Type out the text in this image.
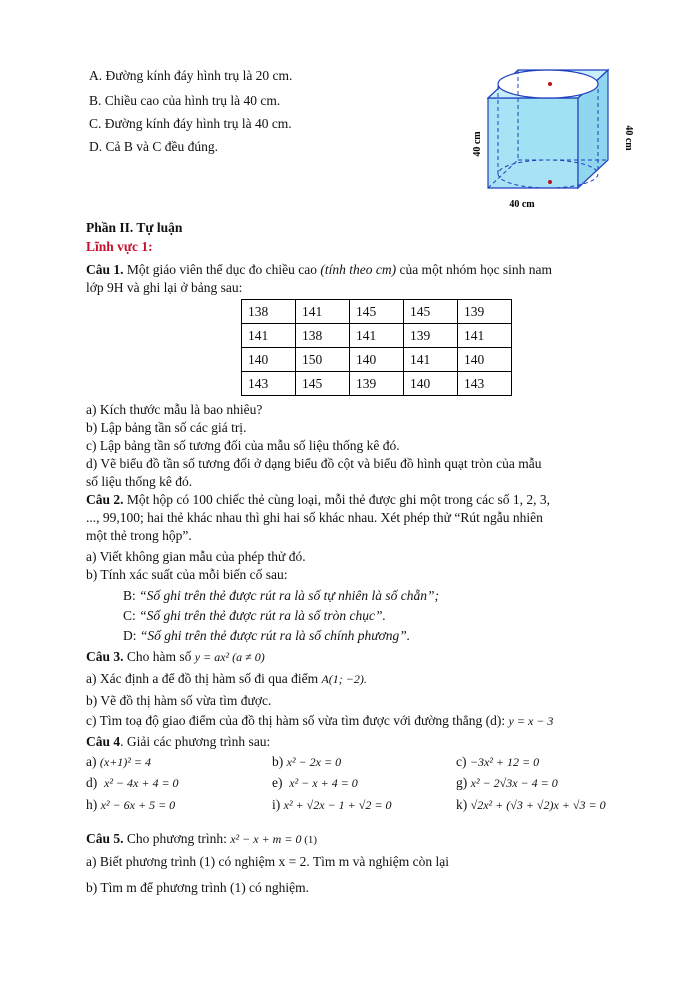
A. Đường kính đáy hình trụ là 20 cm.
B. Chiều cao của hình trụ là 40 cm.
C. Đường kính đáy hình trụ là 40 cm.
D. Cả B và C đều đúng.	40 cm	40 cm
40 cm
Phần II. Tự luận
Lĩnh vực 1:
Câu 1. Một giáo viên thể dục đo chiều cao (tính theo cm) của một nhóm học sinh nam
lớp 9H và ghi lại ở bảng sau:
138	141	145	145	139
141	138	141	139	141
140	150	140	141	140
143	145	139	140	143
a) Kích thước mẫu là bao nhiêu?
b) Lập bảng tần số các giá trị.
c) Lập bảng tần số tương đối của mẫu số liệu thống kê đó.
d) Vẽ biểu đồ tần số tương đối ở dạng biểu đồ cột và biểu đồ hình quạt tròn của mẫu
số liệu thống kê đó.
Câu 2. Một hộp có 100 chiếc thẻ cùng loại, mỗi thẻ được ghi một trong các số 1, 2, 3,
..., 99,100; hai thẻ khác nhau thì ghi hai số khác nhau. Xét phép thử “Rút ngẫu nhiên
một thẻ trong hộp”.
a) Viết không gian mẫu của phép thử đó.
b) Tính xác suất của mỗi biến cố sau:
B: “Số ghi trên thẻ được rút ra là số tự nhiên là số chẵn”;
C: “Số ghi trên thẻ được rút ra là số tròn chục”.
D: “Số ghi trên thẻ được rút ra là số chính phương”.
Câu 3. Cho hàm số y = ax² (a ≠ 0)
a) Xác định a để đồ thị hàm số đi qua điểm A(1; −2).
b) Vẽ đồ thị hàm số vừa tìm được.
c) Tìm toạ độ giao điểm của đồ thị hàm số vừa tìm được với đường thẳng (d): y = x − 3
Câu 4. Giải các phương trình sau:
a) (x+1)² = 4	b) x² − 2x = 0	c) −3x² + 12 = 0
d) x² − 4x + 4 = 0	e) x² − x + 4 = 0	g) x² − 2√3x − 4 = 0
h) x² − 6x + 5 = 0	i) x² + √2x − 1 + √2 = 0	k) √2x² + (√3 + √2)x + √3 = 0
Câu 5. Cho phương trình: x² − x + m = 0 (1)
a) Biết phương trình (1) có nghiệm x = 2. Tìm m và nghiệm còn lại
b) Tìm m để phương trình (1) có nghiệm.
